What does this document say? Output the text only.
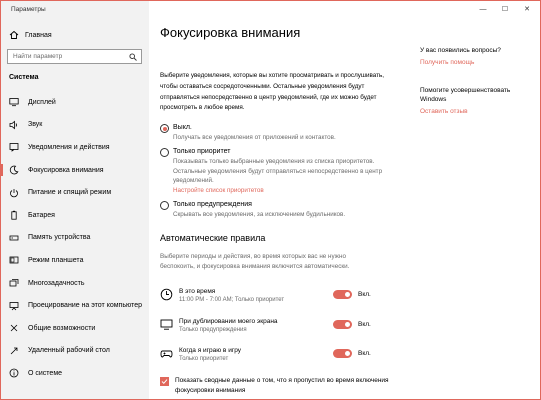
Параметры
Главная
Найти параметр
Система
Дисплей
Звук
Уведомления и действия
Фокусировка внимания
Питание и спящий режим
Батарея
Память устройства
Режим планшета
Многозадачность
Проецирование на этот компьютер
Общие возможности
Удаленный рабочий стол
О системе
—	☐	✕
Фокусировка внимания

Выберите уведомления, которые вы хотите просматривать и прослушивать, чтобы оставаться сосредоточенными. Остальные уведомления будут отправляться непосредственно в центр уведомлений, где их можно будет просмотреть в любое время.

Выкл.
Получать все уведомления от приложений и контактов.
Только приоритет
Показывать только выбранные уведомления из списка приоритетов. Остальные уведомления будут отправляться непосредственно в центр уведомлений.
Настройте список приоритетов
Только предупреждения
Скрывать все уведомления, за исключением будильников.
Автоматические правила
Выберите периоды и действия, во время которых вас не нужно беспокоить, и фокусировка внимания включится автоматически.
В это время
11:00 PM - 7:00 AM; Только приоритет
Вкл.
При дублировании моего экрана
Только предупреждения
Вкл.
Когда я играю в игру
Только приоритет
Вкл.
Показать сводные данные о том, что я пропустил во время включения фокусировки внимания
У вас появились вопросы?
Получить помощь
Помогите усовершенствовать Windows
Оставить отзыв
